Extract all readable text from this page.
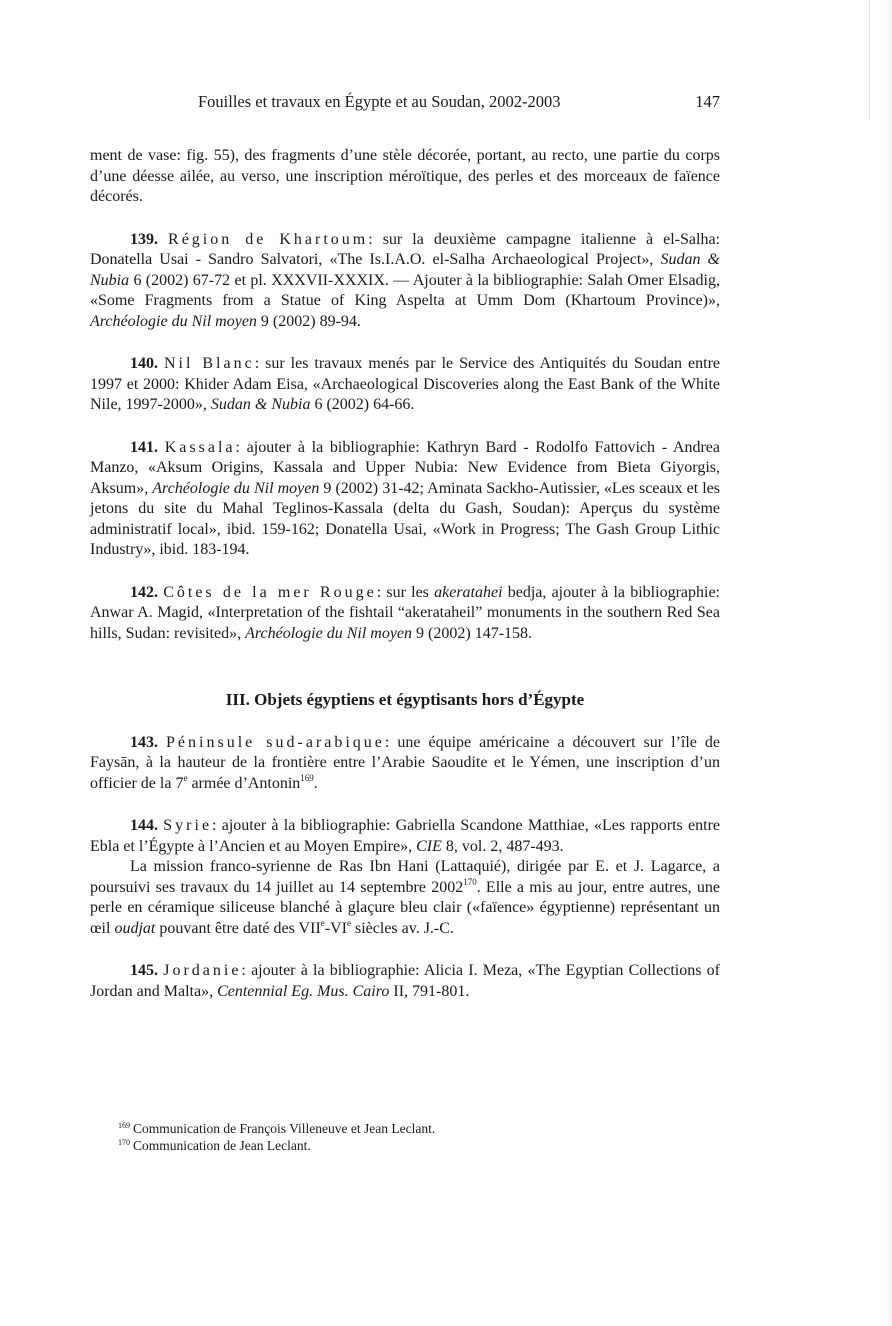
Fouilles et travaux en Égypte et au Soudan, 2002-2003	147

ment de vase: fig. 55), des fragments d’une stèle décorée, portant, au recto, une partie du corps d’une déesse ailée, au verso, une inscription méroïtique, des perles et des morceaux de faïence décorés.

139. Région de Khartoum: sur la deuxième campagne italienne à el-Salha: Donatella Usai - Sandro Salvatori, «The Is.I.A.O. el-Salha Archaeological Project», Sudan & Nubia 6 (2002) 67-72 et pl. XXXVII-XXXIX. — Ajouter à la bibliographie: Salah Omer Elsadig, «Some Fragments from a Statue of King Aspelta at Umm Dom (Khartoum Province)», Archéologie du Nil moyen 9 (2002) 89-94.

140. Nil Blanc: sur les travaux menés par le Service des Antiquités du Soudan entre 1997 et 2000: Khider Adam Eisa, «Archaeological Discoveries along the East Bank of the White Nile, 1997-2000», Sudan & Nubia 6 (2002) 64-66.

141. Kassala: ajouter à la bibliographie: Kathryn Bard - Rodolfo Fattovich - Andrea Manzo, «Aksum Origins, Kassala and Upper Nubia: New Evidence from Bieta Giyorgis, Aksum», Archéologie du Nil moyen 9 (2002) 31-42; Aminata Sackho-Autissier, «Les sceaux et les jetons du site du Mahal Teglinos-Kassala (delta du Gash, Soudan): Aperçus du système administratif local», ibid. 159-162; Donatella Usai, «Work in Progress; The Gash Group Lithic Industry», ibid. 183-194.

142. Côtes de la mer Rouge: sur les akeratahei bedja, ajouter à la bibliographie: Anwar A. Magid, «Interpretation of the fishtail “akerataheil” monuments in the southern Red Sea hills, Sudan: revisited», Archéologie du Nil moyen 9 (2002) 147-158.

III. Objets égyptiens et égyptisants hors d’Égypte

143. Péninsule sud-arabique: une équipe américaine a découvert sur l’île de Faysān, à la hauteur de la frontière entre l’Arabie Saoudite et le Yémen, une inscription d’un officier de la 7e armée d’Antonin$^{169}$.

144. Syrie: ajouter à la bibliographie: Gabriella Scandone Matthiae, «Les rapports entre Ebla et l’Égypte à l’Ancien et au Moyen Empire», CIE 8, vol. 2, 487-493.

La mission franco-syrienne de Ras Ibn Hani (Lattaquié), dirigée par E. et J. Lagarce, a poursuivi ses travaux du 14 juillet au 14 septembre 2002$^{170}$. Elle a mis au jour, entre autres, une perle en céramique siliceuse blanché à glaçure bleu clair («faïence» égyptienne) représentant un œil oudjat pouvant être daté des VIIe-VIe siècles av. J.-C.

145. Jordanie: ajouter à la bibliographie: Alicia I. Meza, «The Egyptian Collections of Jordan and Malta», Centennial Eg. Mus. Cairo II, 791-801.

$^{169}$ Communication de François Villeneuve et Jean Leclant.

$^{170}$ Communication de Jean Leclant.
